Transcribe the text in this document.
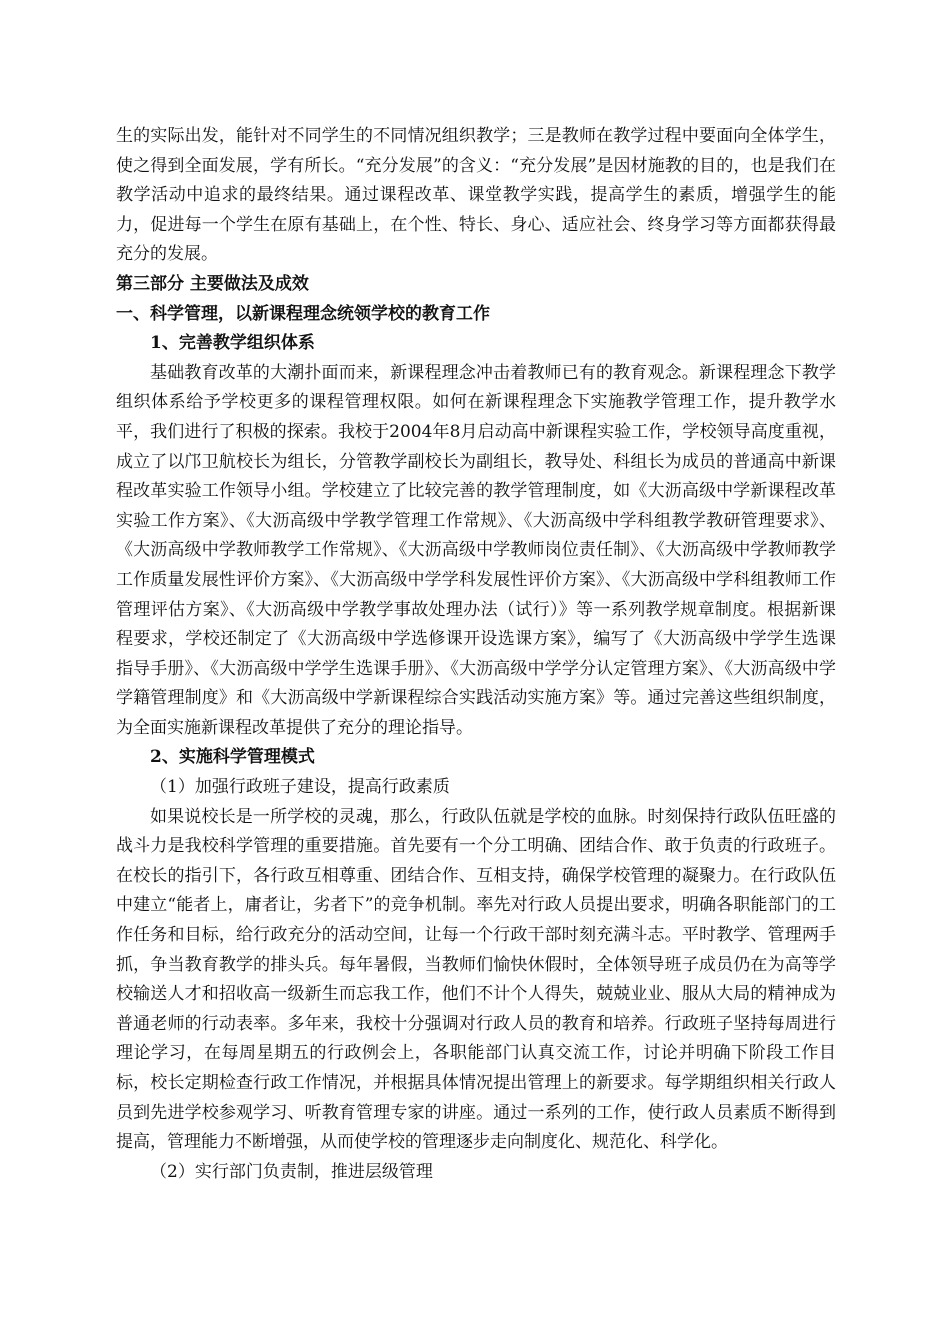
生的实际出发，能针对不同学生的不同情况组织教学；三是教师在教学过程中要面向全体学生，使之得到全面发展，学有所长。“充分发展”的含义：“充分发展”是因材施教的目的，也是我们在教学活动中追求的最终结果。通过课程改革、课堂教学实践，提高学生的素质，增强学生的能力，促进每一个学生在原有基础上，在个性、特长、身心、适应社会、终身学习等方面都获得最充分的发展。

第三部分 主要做法及成效

一、科学管理，以新课程理念统领学校的教育工作

1、完善教学组织体系

基础教育改革的大潮扑面而来，新课程理念冲击着教师已有的教育观念。新课程理念下教学组织体系给予学校更多的课程管理权限。如何在新课程理念下实施教学管理工作，提升教学水平，我们进行了积极的探索。我校于2004年8月启动高中新课程实验工作，学校领导高度重视，成立了以邝卫航校长为组长，分管教学副校长为副组长，教导处、科组长为成员的普通高中新课程改革实验工作领导小组。学校建立了比较完善的教学管理制度，如《大沥高级中学新课程改革实验工作方案》、《大沥高级中学教学管理工作常规》、《大沥高级中学科组教学教研管理要求》、《大沥高级中学教师教学工作常规》、《大沥高级中学教师岗位责任制》、《大沥高级中学教师教学工作质量发展性评价方案》、《大沥高级中学学科发展性评价方案》、《大沥高级中学科组教师工作管理评估方案》、《大沥高级中学教学事故处理办法（试行）》等一系列教学规章制度。根据新课程要求，学校还制定了《大沥高级中学选修课开设选课方案》，编写了《大沥高级中学学生选课指导手册》、《大沥高级中学学生选课手册》、《大沥高级中学学分认定管理方案》、《大沥高级中学学籍管理制度》和《大沥高级中学新课程综合实践活动实施方案》等。通过完善这些组织制度，为全面实施新课程改革提供了充分的理论指导。

2、实施科学管理模式

（1）加强行政班子建设，提高行政素质

如果说校长是一所学校的灵魂，那么，行政队伍就是学校的血脉。时刻保持行政队伍旺盛的战斗力是我校科学管理的重要措施。首先要有一个分工明确、团结合作、敢于负责的行政班子。在校长的指引下，各行政互相尊重、团结合作、互相支持，确保学校管理的凝聚力。在行政队伍中建立“能者上，庸者让，劣者下”的竞争机制。率先对行政人员提出要求，明确各职能部门的工作任务和目标，给行政充分的活动空间，让每一个行政干部时刻充满斗志。平时教学、管理两手抓，争当教育教学的排头兵。每年暑假，当教师们愉快休假时，全体领导班子成员仍在为高等学校输送人才和招收高一级新生而忘我工作，他们不计个人得失，兢兢业业、服从大局的精神成为普通老师的行动表率。多年来，我校十分强调对行政人员的教育和培养。行政班子坚持每周进行理论学习，在每周星期五的行政例会上，各职能部门认真交流工作，讨论并明确下阶段工作目标，校长定期检查行政工作情况，并根据具体情况提出管理上的新要求。每学期组织相关行政人员到先进学校参观学习、听教育管理专家的讲座。通过一系列的工作，使行政人员素质不断得到提高，管理能力不断增强，从而使学校的管理逐步走向制度化、规范化、科学化。

（2）实行部门负责制，推进层级管理
